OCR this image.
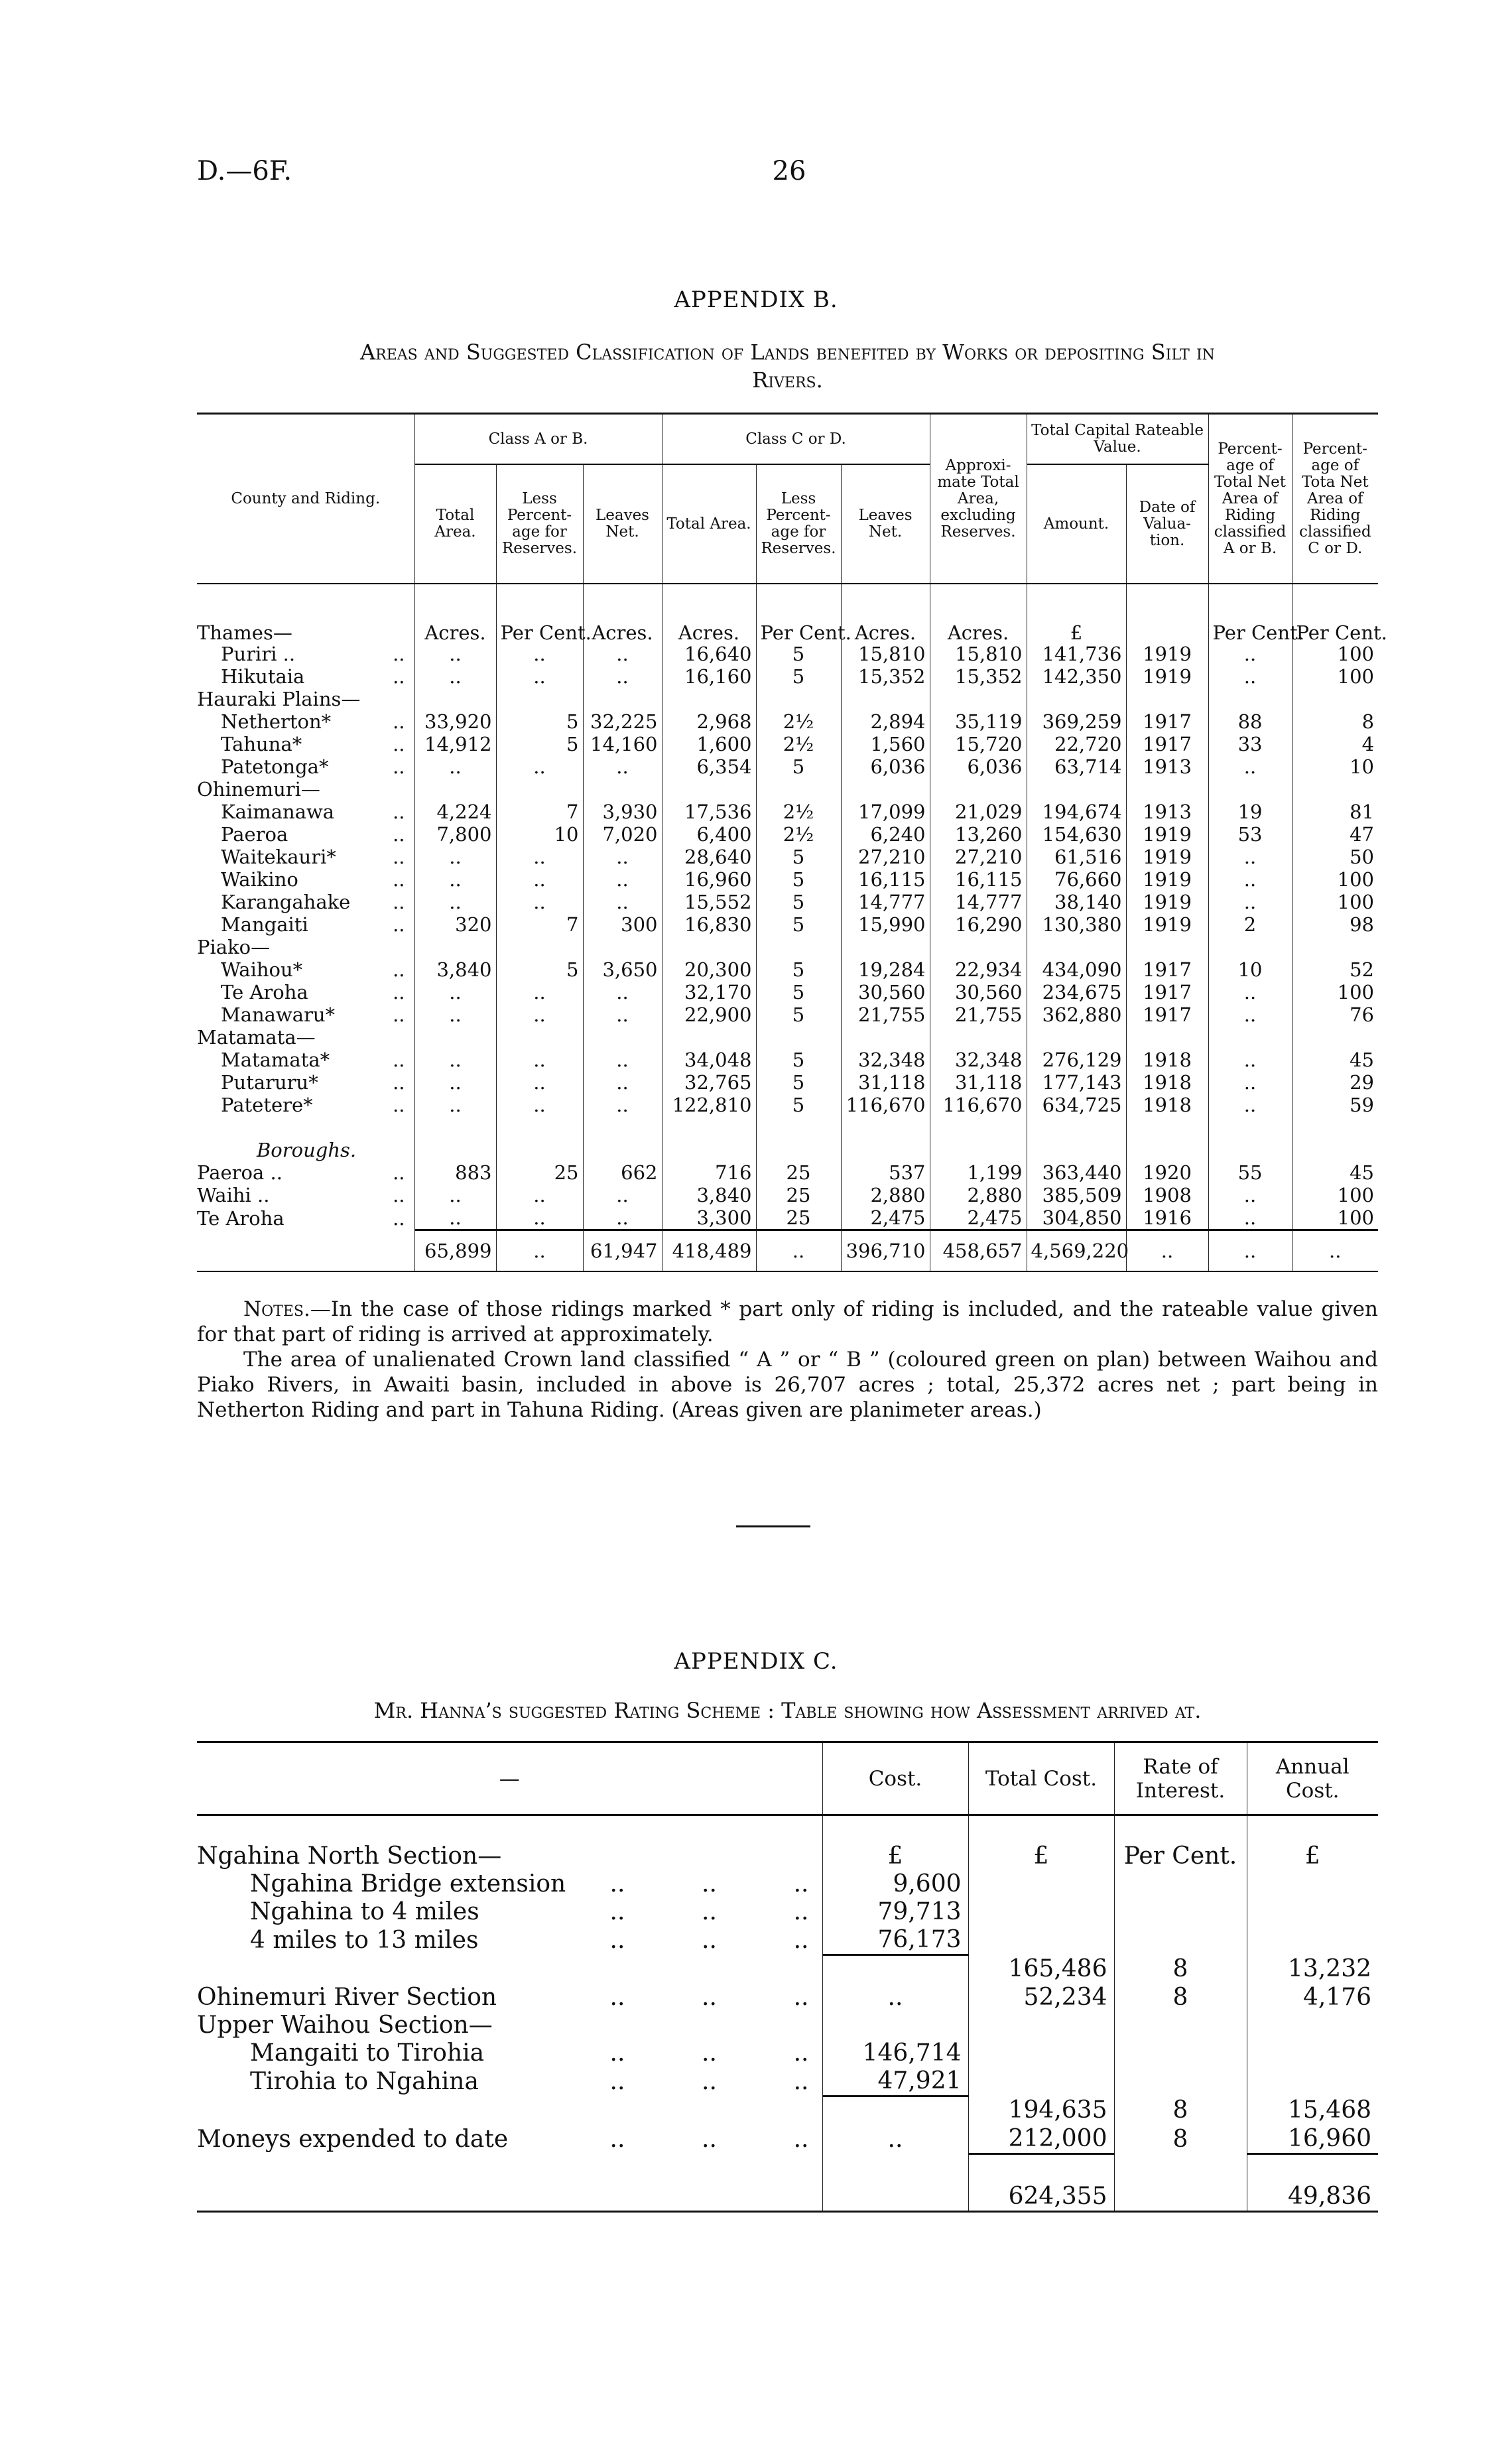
D.—6F.	26
APPENDIX B.
Areas and Suggested Classification of Lands benefited by Works or depositing Silt in
Rivers.
County and Riding.	Class A or B.			Class C or D.			Approxi-mate Total Area, excluding Reserves.	Total Capital Rateable Value.		Percent-age of Total Net Area of Riding classified A or B.	Percent-age of Tota Net Area of Riding classified C or D.
	Total Area.	Less Percent-age for Reserves.	Leaves Net.	Total Area.	Less Percent-age for Reserves.	Leaves Net.		Amount.	Date of Valua-tion.		
Thames—	Acres.	Per Cent.	Acres.	Acres.	Per Cent.	Acres.	Acres.	£		Per Cent.	Per Cent.
Puriri .. ..	..	..	..	16,640	5	15,810	15,810	141,736	1919	..	100
Hikutaia ..	..	..	..	16,160	5	15,352	15,352	142,350	1919	..	100
Hauraki Plains—											
Netherton* ..	33,920	5	32,225	2,968	2½	2,894	35,119	369,259	1917	88	8
Tahuna* ..	14,912	5	14,160	1,600	2½	1,560	15,720	22,720	1917	33	4
Patetonga* ..	..	..	..	6,354	5	6,036	6,036	63,714	1913	..	10
Ohinemuri—											
Kaimanawa ..	4,224	7	3,930	17,536	2½	17,099	21,029	194,674	1913	19	81
Paeroa ..	7,800	10	7,020	6,400	2½	6,240	13,260	154,630	1919	53	47
Waitekauri* ..	..	..	..	28,640	5	27,210	27,210	61,516	1919	..	50
Waikino ..	..	..	..	16,960	5	16,115	16,115	76,660	1919	..	100
Karangahake ..	..	..	..	15,552	5	14,777	14,777	38,140	1919	..	100
Mangaiti ..	320	7	300	16,830	5	15,990	16,290	130,380	1919	2	98
Piako—											
Waihou* ..	3,840	5	3,650	20,300	5	19,284	22,934	434,090	1917	10	52
Te Aroha ..	..	..	..	32,170	5	30,560	30,560	234,675	1917	..	100
Manawaru* ..	..	..	..	22,900	5	21,755	21,755	362,880	1917	..	76
Matamata—											
Matamata* ..	..	..	..	34,048	5	32,348	32,348	276,129	1918	..	45
Putaruru* ..	..	..	..	32,765	5	31,118	31,118	177,143	1918	..	29
Patetere* ..	..	..	..	122,810	5	116,670	116,670	634,725	1918	..	59

Boroughs.											
Paeroa .. ..	883	25	662	716	25	537	1,199	363,440	1920	55	45
Waihi .. ..	..	..	..	3,840	25	2,880	2,880	385,509	1908	..	100
Te Aroha ..	..	..	..	3,300	25	2,475	2,475	304,850	1916	..	100
	65,899	..	61,947	418,489	..	396,710	458,657	4,569,220	..	..	..

Notes.—In the case of those ridings marked * part only of riding is included, and the rateable value given for that part of riding is arrived at approximately.

The area of unalienated Crown land classified “ A ” or “ B ” (coloured green on plan) between Waihou and Piako Rivers, in Awaiti basin, included in above is 26,707 acres ; total, 25,372 acres net ; part being in Netherton Riding and part in Tahuna Riding. (Areas given are planimeter areas.)

APPENDIX C.
Mr. Hanna’s suggested Rating Scheme : Table showing how Assessment arrived at.
—	Cost.	Total Cost.	Rate of Interest.	Annual Cost.
Ngahina North Section—	£	£	Per Cent.	£
Ngahina Bridge extension .. .. ..	9,600			
Ngahina to 4 miles .. .. ..	79,713			
4 miles to 13 miles .. .. ..	76,173			
		165,486	8	13,232
Ohinemuri River Section .. .. ..	..	52,234	8	4,176
Upper Waihou Section—				
Mangaiti to Tirohia .. .. ..	146,714			
Tirohia to Ngahina .. .. ..	47,921			
		194,635	8	15,468
Moneys expended to date .. .. ..	..	212,000	8	16,960

		624,355		49,836
